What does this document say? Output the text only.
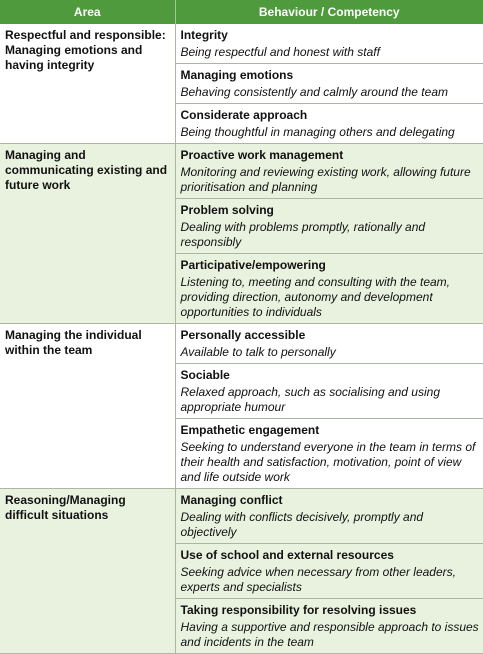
Area	Behaviour / Competency
Respectful and responsible: Managing emotions and having integrity	Integrity
Being respectful and honest with staff

	Managing emotions
Behaving consistently and calmly around the team

	Considerate approach
Being thoughtful in managing others and delegating

Managing and communicating existing and future work	Proactive work management
Monitoring and reviewing existing work, allowing future prioritisation and planning

	Problem solving
Dealing with problems promptly, rationally and responsibly

	Participative/empowering
Listening to, meeting and consulting with the team, providing direction, autonomy and development opportunities to individuals

Managing the individual within the team	Personally accessible
Available to talk to personally

	Sociable
Relaxed approach, such as socialising and using appropriate humour

	Empathetic engagement
Seeking to understand everyone in the team in terms of their health and satisfaction, motivation, point of view and life outside work

Reasoning/Managing difficult situations	Managing conflict
Dealing with conflicts decisively, promptly and objectively

	Use of school and external resources
Seeking advice when necessary from other leaders, experts and specialists

	Taking responsibility for resolving issues
Having a supportive and responsible approach to issues and incidents in the team
